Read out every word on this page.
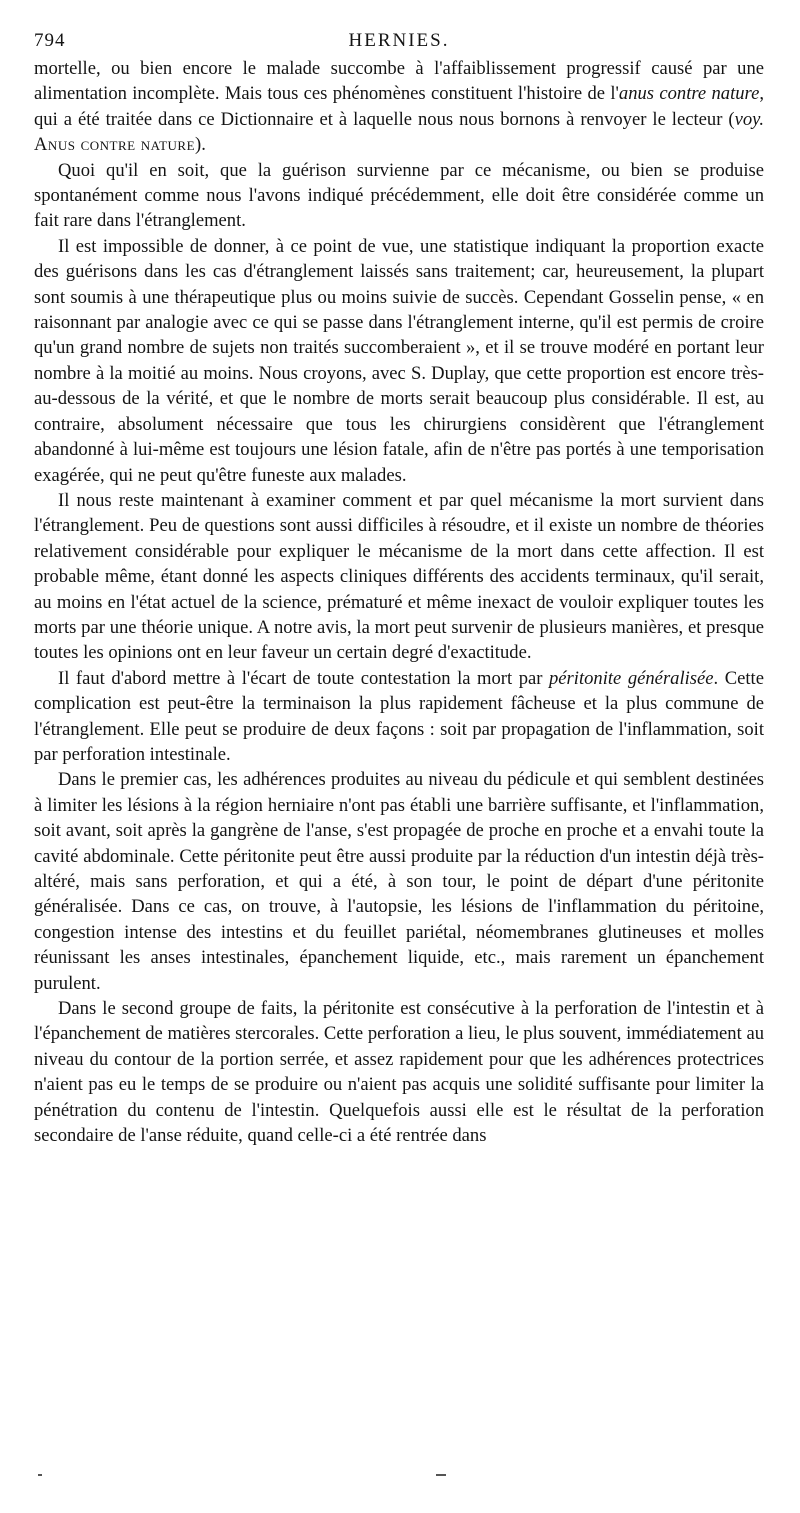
794	HERNIES.

mortelle, ou bien encore le malade succombe à l'affaiblissement progressif causé par une alimentation incomplète. Mais tous ces phénomènes constituent l'histoire de l'anus contre nature, qui a été traitée dans ce Dictionnaire et à laquelle nous nous bornons à renvoyer le lecteur (voy. Anus contre nature).

Quoi qu'il en soit, que la guérison survienne par ce mécanisme, ou bien se produise spontanément comme nous l'avons indiqué précédemment, elle doit être considérée comme un fait rare dans l'étranglement.

Il est impossible de donner, à ce point de vue, une statistique indiquant la proportion exacte des guérisons dans les cas d'étranglement laissés sans traitement; car, heureusement, la plupart sont soumis à une thérapeutique plus ou moins suivie de succès. Cependant Gosselin pense, « en raisonnant par analogie avec ce qui se passe dans l'étranglement interne, qu'il est permis de croire qu'un grand nombre de sujets non traités succomberaient », et il se trouve modéré en portant leur nombre à la moitié au moins. Nous croyons, avec S. Duplay, que cette proportion est encore très-au-dessous de la vérité, et que le nombre de morts serait beaucoup plus considérable. Il est, au contraire, absolument nécessaire que tous les chirurgiens considèrent que l'étranglement abandonné à lui-même est toujours une lésion fatale, afin de n'être pas portés à une temporisation exagérée, qui ne peut qu'être funeste aux malades.

Il nous reste maintenant à examiner comment et par quel mécanisme la mort survient dans l'étranglement. Peu de questions sont aussi difficiles à résoudre, et il existe un nombre de théories relativement considérable pour expliquer le mécanisme de la mort dans cette affection. Il est probable même, étant donné les aspects cliniques différents des accidents terminaux, qu'il serait, au moins en l'état actuel de la science, prématuré et même inexact de vouloir expliquer toutes les morts par une théorie unique. A notre avis, la mort peut survenir de plusieurs manières, et presque toutes les opinions ont en leur faveur un certain degré d'exactitude.

Il faut d'abord mettre à l'écart de toute contestation la mort par péritonite généralisée. Cette complication est peut-être la terminaison la plus rapidement fâcheuse et la plus commune de l'étranglement. Elle peut se produire de deux façons : soit par propagation de l'inflammation, soit par perforation intestinale.

Dans le premier cas, les adhérences produites au niveau du pédicule et qui semblent destinées à limiter les lésions à la région herniaire n'ont pas établi une barrière suffisante, et l'inflammation, soit avant, soit après la gangrène de l'anse, s'est propagée de proche en proche et a envahi toute la cavité abdominale. Cette péritonite peut être aussi produite par la réduction d'un intestin déjà très-altéré, mais sans perforation, et qui a été, à son tour, le point de départ d'une péritonite généralisée. Dans ce cas, on trouve, à l'autopsie, les lésions de l'inflammation du péritoine, congestion intense des intestins et du feuillet pariétal, néomembranes glutineuses et molles réunissant les anses intestinales, épanchement liquide, etc., mais rarement un épanchement purulent.

Dans le second groupe de faits, la péritonite est consécutive à la perforation de l'intestin et à l'épanchement de matières stercorales. Cette perforation a lieu, le plus souvent, immédiatement au niveau du contour de la portion serrée, et assez rapidement pour que les adhérences protectrices n'aient pas eu le temps de se produire ou n'aient pas acquis une solidité suffisante pour limiter la pénétration du contenu de l'intestin. Quelquefois aussi elle est le résultat de la perforation secondaire de l'anse réduite, quand celle-ci a été rentrée dans
